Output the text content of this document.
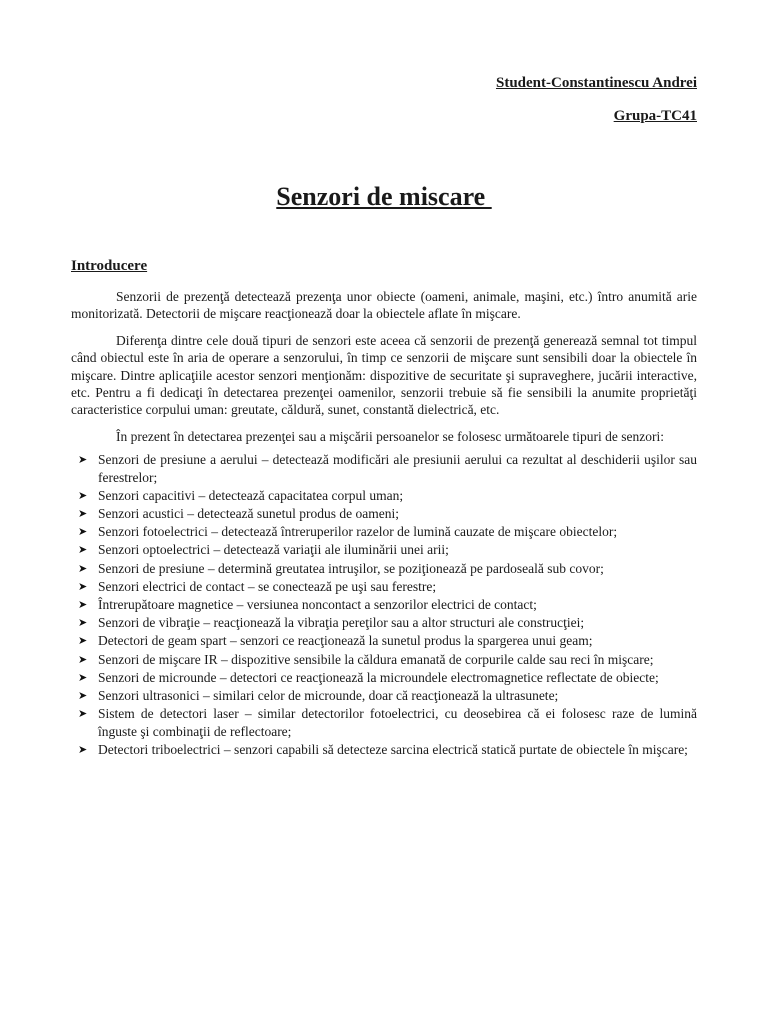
Student-Constantinescu Andrei
Grupa-TC41
Senzori de miscare
Introducere

Senzorii de prezenţă detectează prezenţa unor obiecte (oameni, animale, maşini, etc.) întro anumită arie monitorizată. Detectorii de mişcare reacţionează doar la obiectele aflate în mişcare.

Diferenţa dintre cele două tipuri de senzori este aceea că senzorii de prezenţă generează semnal tot timpul când obiectul este în aria de operare a senzorului, în timp ce senzorii de mişcare sunt sensibili doar la obiectele în mişcare. Dintre aplicaţiile acestor senzori menţionăm: dispozitive de securitate şi supraveghere, jucării interactive, etc. Pentru a fi dedicaţi în detectarea prezenţei oamenilor, senzorii trebuie să fie sensibili la anumite proprietăţi caracteristice corpului uman: greutate, căldură, sunet, constantă dielectrică, etc.

În prezent în detectarea prezenţei sau a mişcării persoanelor se folosesc următoarele tipuri de senzori:

➤ Senzori de presiune a aerului – detectează modificări ale presiunii aerului ca rezultat al deschiderii uşilor sau ferestrelor;
➤ Senzori capacitivi – detectează capacitatea corpul uman;
➤ Senzori acustici – detectează sunetul produs de oameni;
➤ Senzori fotoelectrici – detectează întreruperilor razelor de lumină cauzate de mişcare obiectelor;
➤ Senzori optoelectrici – detectează variaţii ale iluminării unei arii;
➤ Senzori de presiune – determină greutatea intruşilor, se poziţionează pe pardoseală sub covor;
➤ Senzori electrici de contact – se conectează pe uşi sau ferestre;
➤ Întrerupătoare magnetice – versiunea noncontact a senzorilor electrici de contact;
➤ Senzori de vibraţie – reacţionează la vibraţia pereţilor sau a altor structuri ale construcţiei;
➤ Detectori de geam spart – senzori ce reacţionează la sunetul produs la spargerea unui geam;
➤ Senzori de mişcare IR – dispozitive sensibile la căldura emanată de corpurile calde sau reci în mişcare;
➤ Senzori de microunde – detectori ce reacţionează la microundele electromagnetice reflectate de obiecte;
➤ Senzori ultrasonici – similari celor de microunde, doar că reacţionează la ultrasunete;
➤ Sistem de detectori laser – similar detectorilor fotoelectrici, cu deosebirea că ei folosesc raze de lumină înguste şi combinaţii de reflectoare;
➤ Detectori triboelectrici – senzori capabili să detecteze sarcina electrică statică purtate de obiectele în mişcare;
